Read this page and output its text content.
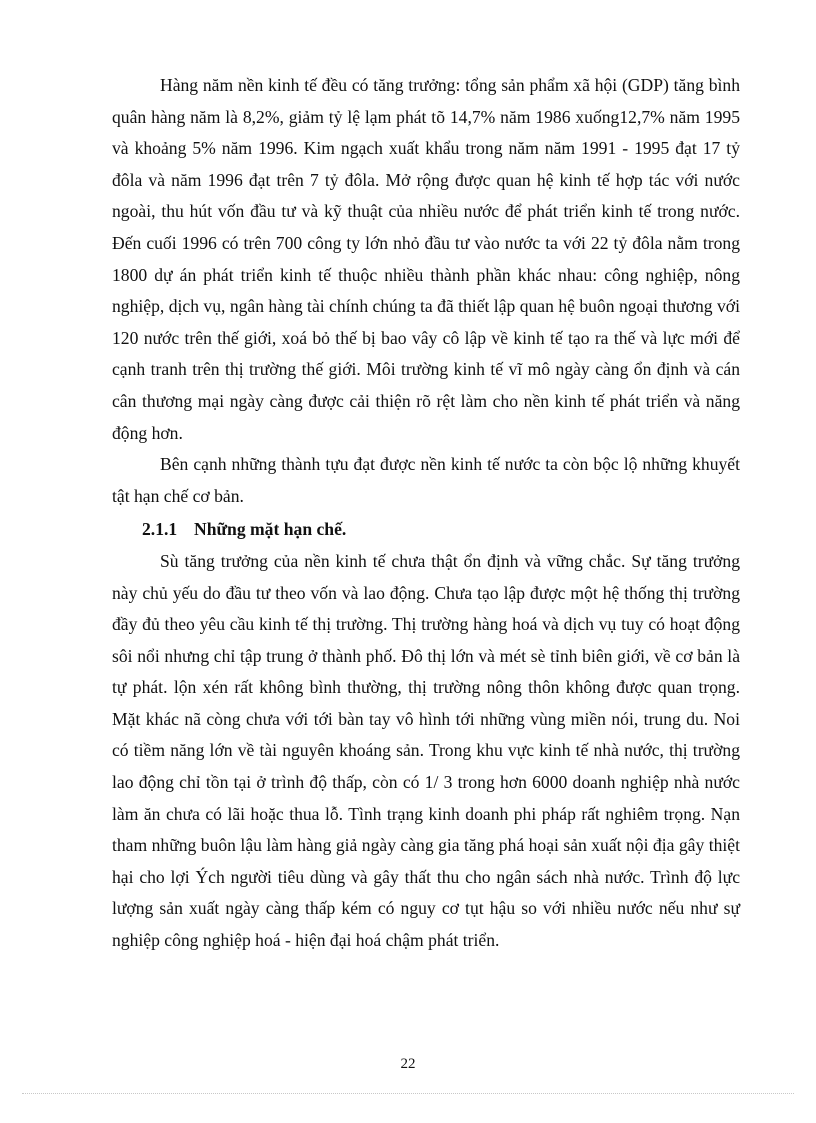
Hàng năm nền kinh tế đều có tăng trưởng: tổng sản phẩm xã hội (GDP) tăng bình quân hàng năm là 8,2%, giảm tỷ lệ lạm phát tõ 14,7% năm 1986 xuống12,7% năm 1995 và khoảng 5% năm 1996. Kim ngạch xuất khẩu trong năm năm 1991 - 1995 đạt 17 tỷ đôla và năm 1996 đạt trên 7 tỷ đôla. Mở rộng được quan hệ kinh tế hợp tác với nước ngoài, thu hút vốn đầu tư và kỹ thuật của nhiều nước để phát triển kinh tế trong nước. Đến cuối 1996 có trên 700 công ty lớn nhỏ đầu tư vào nước ta với 22 tỷ đôla nằm trong 1800 dự án phát triển kinh tế thuộc nhiều thành phần khác nhau: công nghiệp, nông nghiệp, dịch vụ, ngân hàng tài chính chúng ta đã thiết lập quan hệ buôn ngoại thương với 120 nước trên thế giới, xoá bỏ thế bị bao vây cô lập về kinh tế tạo ra thế và lực mới để cạnh tranh trên thị trường thế giới. Môi trường kinh tế vĩ mô ngày càng ổn định và cán cân thương mại ngày càng được cải thiện rõ rệt làm cho nền kinh tế phát triển và năng động hơn.

Bên cạnh những thành tựu đạt được nền kinh tế nước ta còn bộc lộ những khuyết tật hạn chế cơ bản.

2.1.1 Những mặt hạn chế.

Sù tăng trưởng của nền kinh tế chưa thật ổn định và vững chắc. Sự tăng trưởng này chủ yếu do đầu tư theo vốn và lao động. Chưa tạo lập được một hệ thống thị trường đầy đủ theo yêu cầu kinh tế thị trường. Thị trường hàng hoá và dịch vụ tuy có hoạt động sôi nổi nhưng chỉ tập trung ở thành phố. Đô thị lớn và mét sè tỉnh biên giới, về cơ bản là tự phát. lộn xén rất không bình thường, thị trường nông thôn không được quan trọng. Mặt khác nã còng chưa với tới bàn tay vô hình tới những vùng miền nói, trung du. Noi có tiềm năng lớn về tài nguyên khoáng sản. Trong khu vực kinh tế nhà nước, thị trường lao động chỉ tồn tại ở trình độ thấp, còn có 1/ 3 trong hơn 6000 doanh nghiệp nhà nước làm ăn chưa có lãi hoặc thua lỗ. Tình trạng kinh doanh phi pháp rất nghiêm trọng. Nạn tham những buôn lậu làm hàng giả ngày càng gia tăng phá hoại sản xuất nội địa gây thiệt hại cho lợi Ých người tiêu dùng và gây thất thu cho ngân sách nhà nước. Trình độ lực lượng sản xuất ngày càng thấp kém có nguy cơ tụt hậu so với nhiều nước nếu như sự nghiệp công nghiệp hoá - hiện đại hoá chậm phát triển.

22
